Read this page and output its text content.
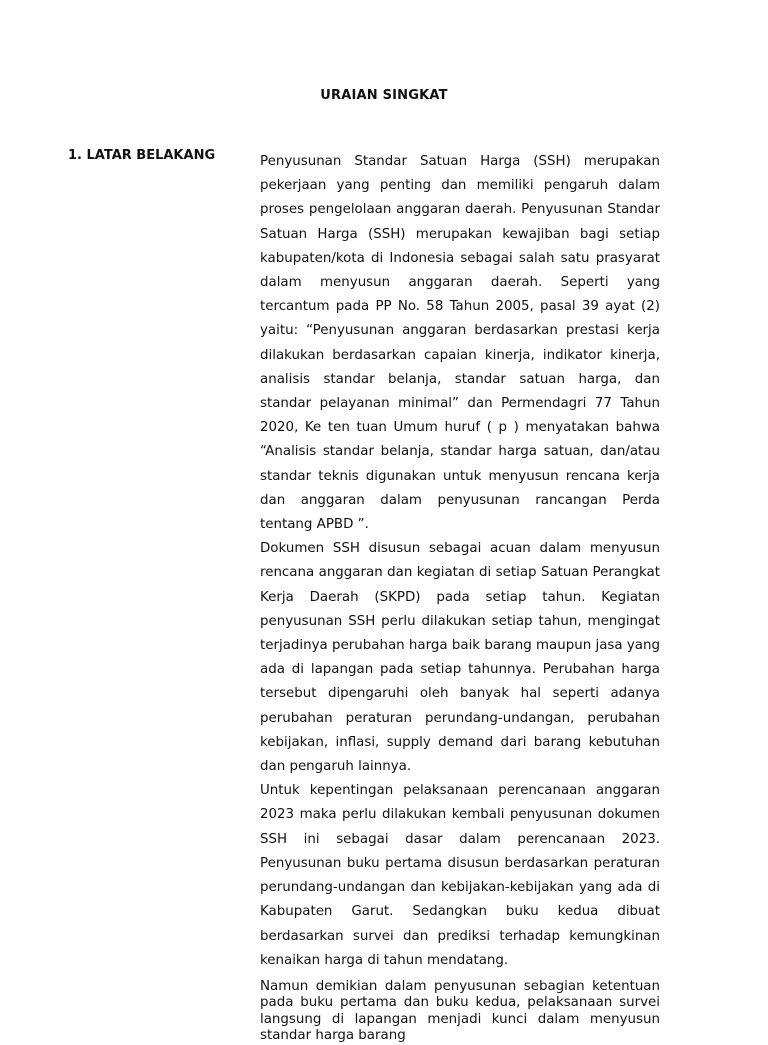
URAIAN SINGKAT
1. LATAR BELAKANG	Penyusunan Standar Satuan Harga (SSH) merupakan pekerjaan yang penting dan memiliki pengaruh dalam proses pengelolaan anggaran daerah. Penyusunan Standar Satuan Harga (SSH) merupakan kewajiban bagi setiap kabupaten/kota di Indonesia sebagai salah satu prasyarat dalam menyusun anggaran daerah. Seperti yang tercantum pada PP No. 58 Tahun 2005, pasal 39 ayat (2) yaitu: “Penyusunan anggaran berdasarkan prestasi kerja dilakukan berdasarkan capaian kinerja, indikator kinerja, analisis standar belanja, standar satuan harga, dan standar pelayanan minimal” dan Permendagri 77 Tahun 2020, Ke ten tuan Umum huruf ( p ) menyatakan bahwa “Analisis standar belanja, standar harga satuan, dan/atau standar teknis digunakan untuk menyusun rencana kerja dan anggaran dalam penyusunan rancangan Perda tentang APBD ”.

Dokumen SSH disusun sebagai acuan dalam menyusun rencana anggaran dan kegiatan di setiap Satuan Perangkat Kerja Daerah (SKPD) pada setiap tahun. Kegiatan penyusunan SSH perlu dilakukan setiap tahun, mengingat terjadinya perubahan harga baik barang maupun jasa yang ada di lapangan pada setiap tahunnya. Perubahan harga tersebut dipengaruhi oleh banyak hal seperti adanya perubahan peraturan perundang-undangan, perubahan kebijakan, inflasi, supply demand dari barang kebutuhan dan pengaruh lainnya.

Untuk kepentingan pelaksanaan perencanaan anggaran 2023 maka perlu dilakukan kembali penyusunan dokumen SSH ini sebagai dasar dalam perencanaan 2023. Penyusunan buku pertama disusun berdasarkan peraturan perundang-undangan dan kebijakan-kebijakan yang ada di Kabupaten Garut. Sedangkan buku kedua dibuat berdasarkan survei dan prediksi terhadap kemungkinan kenaikan harga di tahun mendatang.

Namun demikian dalam penyusunan sebagian ketentuan pada buku pertama dan buku kedua, pelaksanaan survei langsung di lapangan menjadi kunci dalam menyusun standar harga barang
